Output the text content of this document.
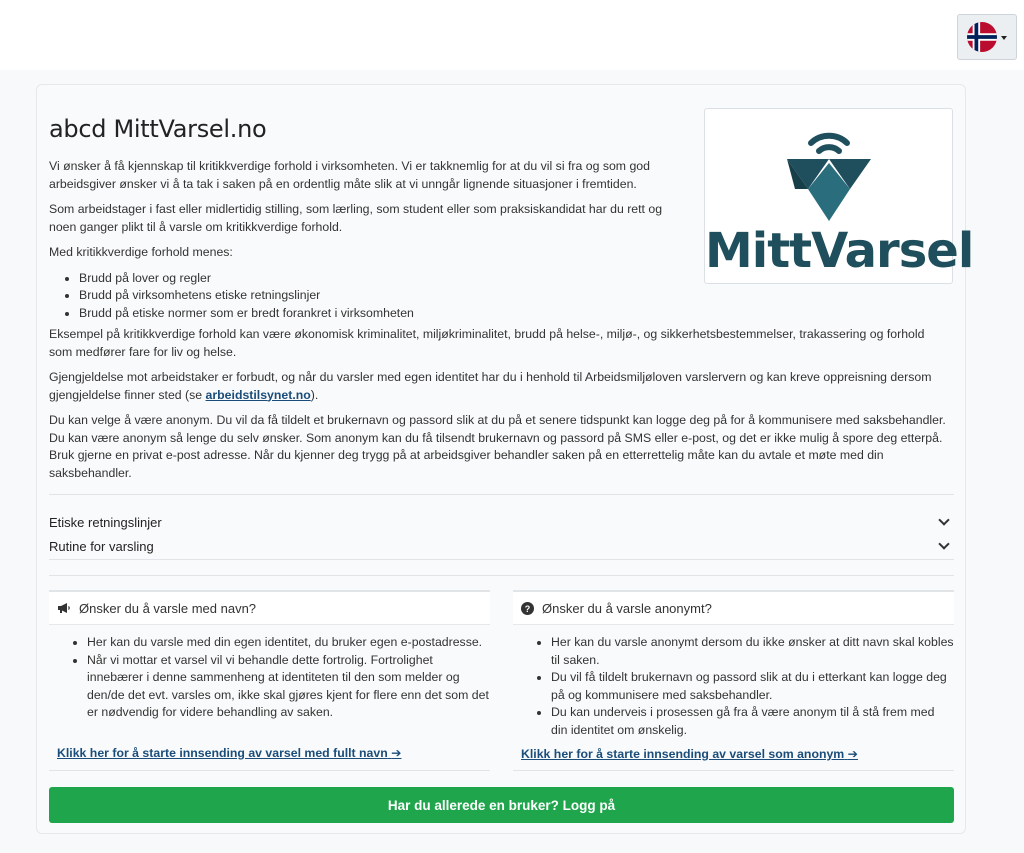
abcd MittVarsel.no
MittVarsel

Vi ønsker å få kjennskap til kritikkverdige forhold i virksomheten. Vi er takknemlig for at du vil si fra og som god arbeidsgiver ønsker vi å ta tak i saken på en ordentlig måte slik at vi unngår lignende situasjoner i fremtiden.

Som arbeidstager i fast eller midlertidig stilling, som lærling, som student eller som praksiskandidat har du rett og noen ganger plikt til å varsle om kritikkverdige forhold.

Med kritikkverdige forhold menes:

• Brudd på lover og regler
• Brudd på virksomhetens etiske retningslinjer
• Brudd på etiske normer som er bredt forankret i virksomheten

Eksempel på kritikkverdige forhold kan være økonomisk kriminalitet, miljøkriminalitet, brudd på helse-, miljø-, og sikkerhetsbestemmelser, trakassering og forhold som medfører fare for liv og helse.

Gjengjeldelse mot arbeidstaker er forbudt, og når du varsler med egen identitet har du i henhold til Arbeidsmiljøloven varslervern og kan kreve oppreisning dersom gjengjeldelse finner sted (se arbeidstilsynet.no).

Du kan velge å være anonym. Du vil da få tildelt et brukernavn og passord slik at du på et senere tidspunkt kan logge deg på for å kommunisere med saksbehandler. Du kan være anonym så lenge du selv ønsker. Som anonym kan du få tilsendt brukernavn og passord på SMS eller e-post, og det er ikke mulig å spore deg etterpå. Bruk gjerne en privat e-post adresse. Når du kjenner deg trygg på at arbeidsgiver behandler saken på en etterrettelig måte kan du avtale et møte med din saksbehandler.

Etiske retningslinjer
Rutine for varsling
Ønsker du å varsle med navn?
• Her kan du varsle med din egen identitet, du bruker egen e-postadresse.
• Når vi mottar et varsel vil vi behandle dette fortrolig. Fortrolighet innebærer i denne sammenheng at identiteten til den som melder og den/de det evt. varsles om, ikke skal gjøres kjent for flere enn det som det er nødvendig for videre behandling av saken.
Klikk her for å starte innsending av varsel med fullt navn ➔
? Ønsker du å varsle anonymt?
• Her kan du varsle anonymt dersom du ikke ønsker at ditt navn skal kobles til saken.
• Du vil få tildelt brukernavn og passord slik at du i etterkant kan logge deg på og kommunisere med saksbehandler.
• Du kan underveis i prosessen gå fra å være anonym til å stå frem med din identitet om ønskelig.
Klikk her for å starte innsending av varsel som anonym ➔
Har du allerede en bruker? Logg på
